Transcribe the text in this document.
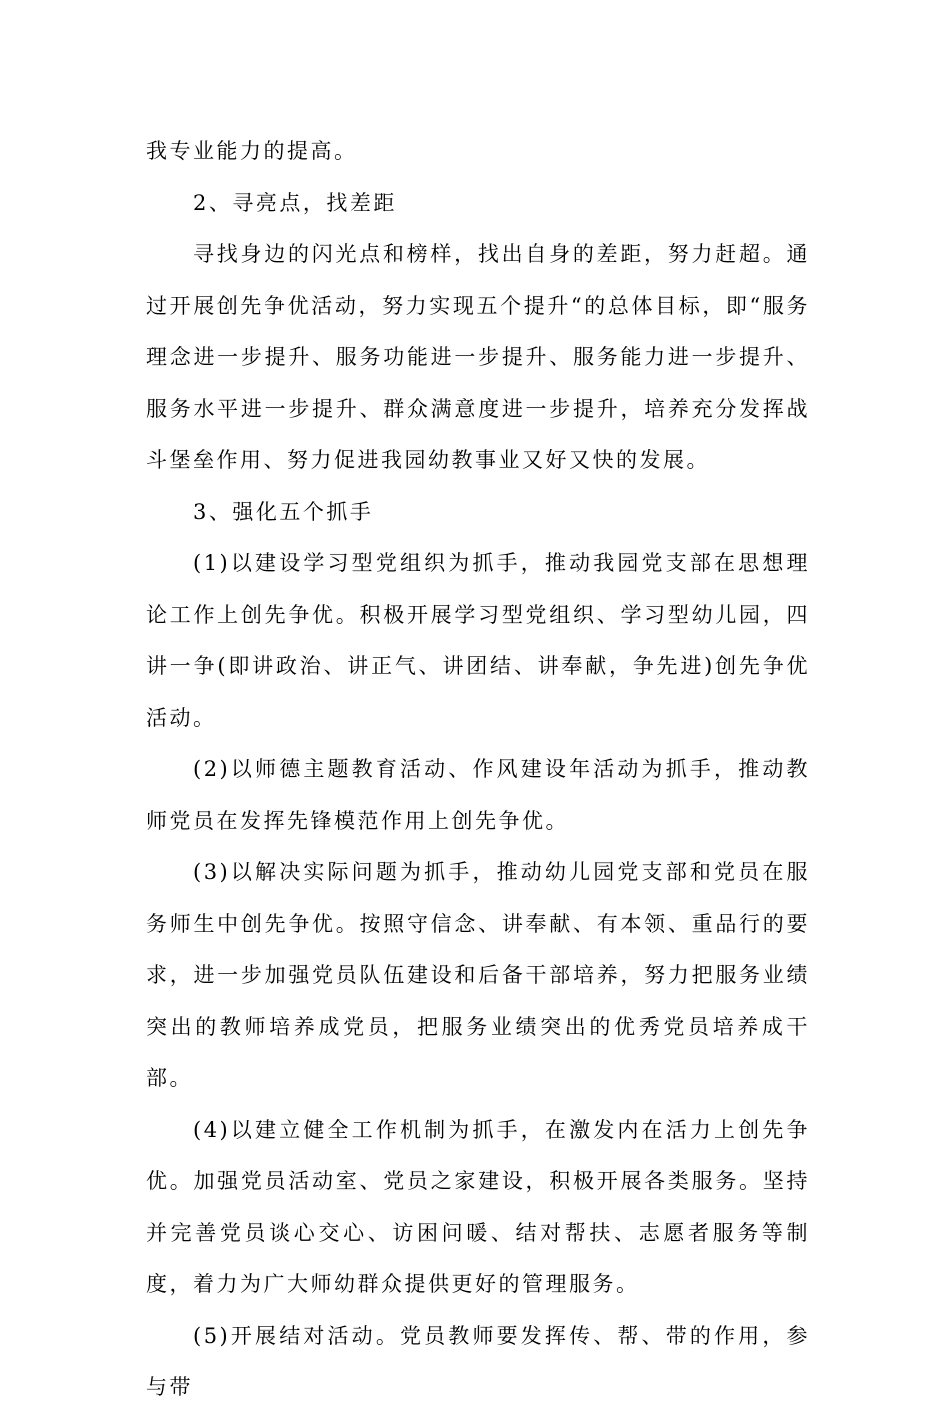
我专业能力的提高。

2、寻亮点，找差距

寻找身边的闪光点和榜样，找出自身的差距，努力赶超。通过开展创先争优活动，努力实现五个提升“的总体目标，即“服务理念进一步提升、服务功能进一步提升、服务能力进一步提升、服务水平进一步提升、群众满意度进一步提升，培养充分发挥战斗堡垒作用、努力促进我园幼教事业又好又快的发展。

3、强化五个抓手

(1)以建设学习型党组织为抓手，推动我园党支部在思想理论工作上创先争优。积极开展学习型党组织、学习型幼儿园，四讲一争(即讲政治、讲正气、讲团结、讲奉献，争先进)创先争优活动。

(2)以师德主题教育活动、作风建设年活动为抓手，推动教师党员在发挥先锋模范作用上创先争优。

(3)以解决实际问题为抓手，推动幼儿园党支部和党员在服务师生中创先争优。按照守信念、讲奉献、有本领、重品行的要求，进一步加强党员队伍建设和后备干部培养，努力把服务业绩突出的教师培养成党员，把服务业绩突出的优秀党员培养成干部。

(4)以建立健全工作机制为抓手，在激发内在活力上创先争优。加强党员活动室、党员之家建设，积极开展各类服务。坚持并完善党员谈心交心、访困问暖、结对帮扶、志愿者服务等制度，着力为广大师幼群众提供更好的管理服务。

(5)开展结对活动。党员教师要发挥传、帮、带的作用，参与带
